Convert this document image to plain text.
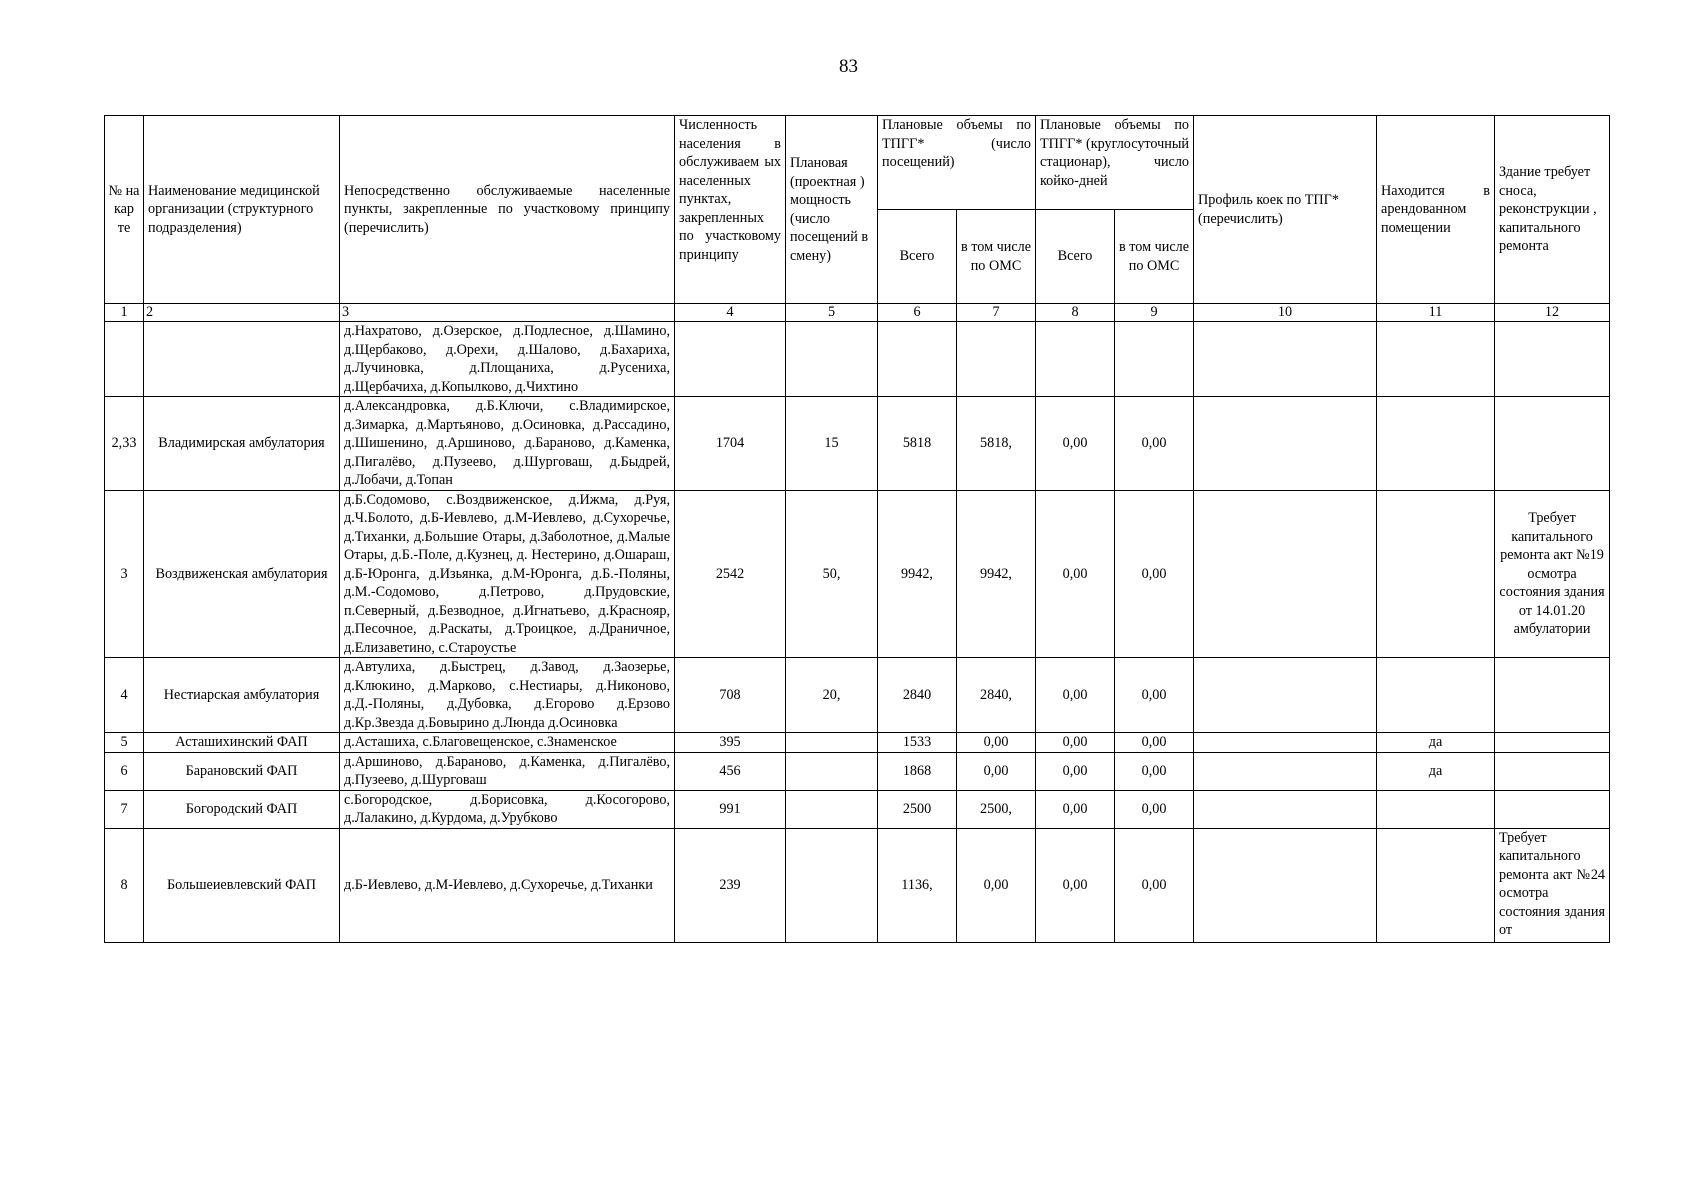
83
№ на кар те	Наименование медицинской организации (структурного подразделения)	Непосредственно обслуживаемые населенные пункты, закрепленные по участковому принципу (перечислить)	Численность населения в обслуживаем ых населенных пунктах, закрепленных по участковому принципу	Плановая (проектная ) мощность (число посещений в смену)	Плановые объемы по ТПГГ* (число посещений)		Плановые объемы по ТПГГ* (круглосуточный стационар), число койко-дней		Профиль коек по ТПГ* (перечислить)	Находится в арендованном помещении	Здание требует сноса, реконструкции , капитального ремонта
					Всего	в том числе по ОМС	Всего	в том числе по ОМС			
1	2	3	4	5	6	7	8	9	10	11	12
		д.Нахратово, д.Озерское, д.Подлесное, д.Шамино, д.Щербаково, д.Орехи, д.Шалово, д.Бахариха, д.Лучиновка, д.Площаниха, д.Русениха, д.Щербачиха, д.Копылково, д.Чихтино									
2,33	Владимирская амбулатория	д.Александровка, д.Б.Ключи, с.Владимирское, д.Зимарка, д.Мартьяново, д.Осиновка, д.Рассадино, д.Шишенино, д.Аршиново, д.Бараново, д.Каменка, д.Пигалёво, д.Пузеево, д.Шурговаш, д.Быдрей, д.Лобачи, д.Топан	1704	15	5818	5818,	0,00	0,00			
3	Воздвиженская амбулатория	д.Б.Содомово, с.Воздвиженское, д.Ижма, д.Руя, д.Ч.Болото, д.Б-Иевлево, д.М-Иевлево, д.Сухоречье, д.Тиханки, д.Большие Отары, д.Заболотное, д.Малые Отары, д.Б.-Поле, д.Кузнец, д. Нестерино, д.Ошараш, д.Б-Юронга, д.Изьянка, д.М-Юронга, д.Б.-Поляны, д.М.-Содомово, д.Петрово, д.Прудовские, п.Северный, д.Безводное, д.Игнатьево, д.Краснояр, д.Песочное, д.Раскаты, д.Троицкое, д.Драничное, д.Елизаветино, с.Староустье	2542	50,	9942,	9942,	0,00	0,00			Требует капитального ремонта акт №19 осмотра состояния здания от 14.01.20 амбулатории
4	Нестиарская амбулатория	д.Автулиха, д.Быстрец, д.Завод, д.Заозерье, д.Клюкино, д.Марково, с.Нестиары, д.Никоново, д.Д.-Поляны, д.Дубовка, д.Егорово д.Ерзово д.Кр.Звезда д.Бовырино д.Люнда д.Осиновка	708	20,	2840	2840,	0,00	0,00			
5	Асташихинский ФАП	д.Асташиха, с.Благовещенское, с.Знаменское	395		1533	0,00	0,00	0,00		да	
6	Барановский ФАП	д.Аршиново, д.Бараново, д.Каменка, д.Пигалёво, д.Пузеево, д.Шурговаш	456		1868	0,00	0,00	0,00		да	
7	Богородский ФАП	с.Богородское, д.Борисовка, д.Косогорово, д.Лалакино, д.Курдома, д.Урубково	991		2500	2500,	0,00	0,00			
8	Большеиевлевский ФАП	д.Б-Иевлево, д.М-Иевлево, д.Сухоречье, д.Тиханки	239		1136,	0,00	0,00	0,00			Требует капитального ремонта акт №24 осмотра состояния здания от
